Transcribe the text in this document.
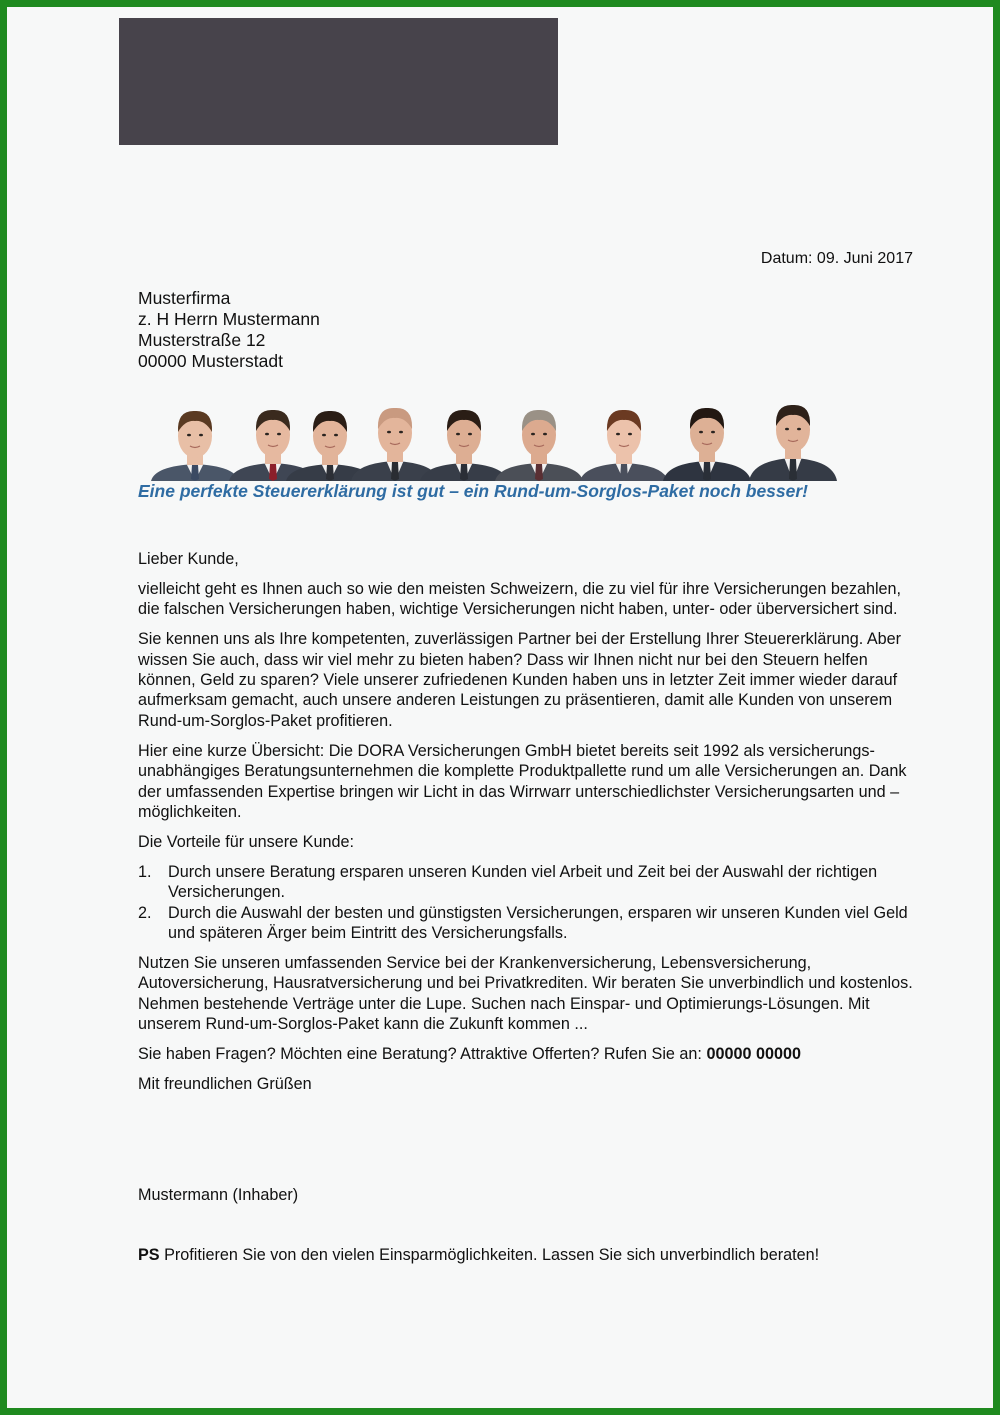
Datum: 09. Juni 2017
Musterfirma
z. H Herrn Mustermann
Musterstraße 12
00000 Musterstadt
Eine perfekte Steuererklärung ist gut – ein Rund-um-Sorglos-Paket noch besser!

Lieber Kunde,

vielleicht geht es Ihnen auch so wie den meisten Schweizern, die zu viel für ihre Versicherungen bezahlen, die falschen Versicherungen haben, wichtige Versicherungen nicht haben, unter- oder überversichert sind.

Sie kennen uns als Ihre kompetenten, zuverlässigen Partner bei der Erstellung Ihrer Steuererklärung. Aber wissen Sie auch, dass wir viel mehr zu bieten haben? Dass wir Ihnen nicht nur bei den Steuern helfen können, Geld zu sparen? Viele unserer zufriedenen Kunden haben uns in letzter Zeit immer wieder darauf aufmerksam gemacht, auch unsere anderen Leistungen zu präsentieren, damit alle Kunden von unserem Rund-um-Sorglos-Paket profitieren.

Hier eine kurze Übersicht: Die DORA Versicherungen GmbH bietet bereits seit 1992 als versicherungs-unabhängiges Beratungsunternehmen die komplette Produktpallette rund um alle Versicherungen an. Dank der umfassenden Expertise bringen wir Licht in das Wirrwarr unterschiedlichster Versicherungsarten und –möglichkeiten.

Die Vorteile für unsere Kunde:

1. Durch unsere Beratung ersparen unseren Kunden viel Arbeit und Zeit bei der Auswahl der richtigen Versicherungen.
2. Durch die Auswahl der besten und günstigsten Versicherungen, ersparen wir unseren Kunden viel Geld und späteren Ärger beim Eintritt des Versicherungsfalls.

Nutzen Sie unseren umfassenden Service bei der Krankenversicherung, Lebensversicherung, Autoversicherung, Hausratversicherung und bei Privatkrediten. Wir beraten Sie unverbindlich und kostenlos. Nehmen bestehende Verträge unter die Lupe. Suchen nach Einspar- und Optimierungs-Lösungen. Mit unserem Rund-um-Sorglos-Paket kann die Zukunft kommen ...

Sie haben Fragen? Möchten eine Beratung? Attraktive Offerten? Rufen Sie an: 00000 00000

Mit freundlichen Grüßen

Mustermann (Inhaber)
PS Profitieren Sie von den vielen Einsparmöglichkeiten. Lassen Sie sich unverbindlich beraten!
